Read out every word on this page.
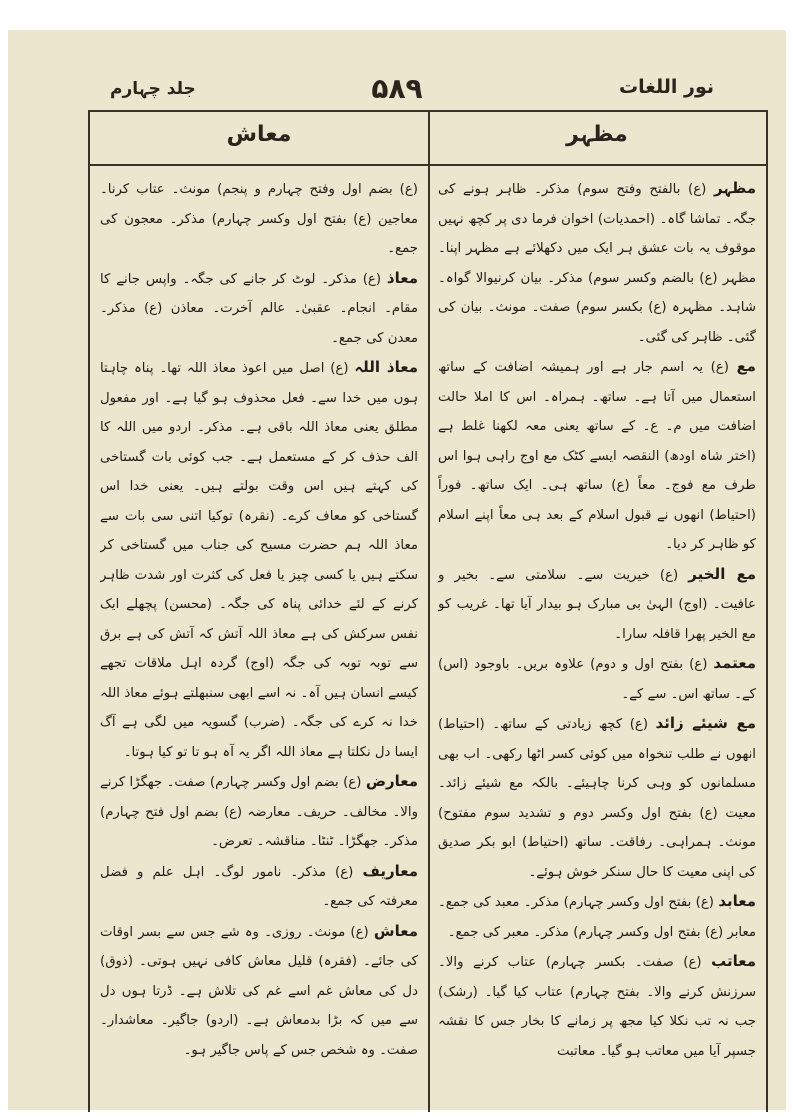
جلد چہارم	۵۸۹	نور اللغات
معاش	مظہر

(ع) بضم اول وفتح چہارم و پنجم) مونث۔ عتاب کرنا۔ معاجین (ع) بفتح اول وکسر چہارم) مذکر۔ معجون کی جمع۔

معاذ (ع) مذکر۔ لوٹ کر جانے کی جگہ۔ واپس جانے کا مقام۔ انجام۔ عقبیٰ۔ عالم آخرت۔ معاذن (ع) مذکر۔ معدن کی جمع۔

معاذ اللہ (ع) اصل میں اعوذ معاذ اللہ تھا۔ پناہ چاہتا ہوں میں خدا سے۔ فعل محذوف ہو گیا ہے۔ اور مفعول مطلق یعنی معاذ اللہ باقی ہے۔ مذکر۔ اردو میں اللہ کا الف حذف کر کے مستعمل ہے۔ جب کوئی بات گستاخی کی کہتے ہیں اس وقت بولتے ہیں۔ یعنی خدا اس گستاخی کو معاف کرے۔ (نقرہ) توکیا اتنی سی بات سے معاذ اللہ ہم حضرت مسیح کی جناب میں گستاخی کر سکتے ہیں یا کسی چیز یا فعل کی کثرت اور شدت ظاہر کرنے کے لئے خدائی پناہ کی جگہ۔ (محسن) پچھلے ایک نفس سرکش کی ہے معاذ اللہ آتش کہ آتش کی ہے برق سے توبہ توبہ کی جگہ (اوج) گردہ اہل ملاقات تجھے کیسے انسان ہیں آہ۔ نہ اسے ابھی سنبھلتے ہوئے معاذ اللہ خدا نہ کرے کی جگہ۔ (ضرب) گسویہ میں لگی ہے آگ ایسا دل نکلتا ہے معاذ اللہ اگر یہ آہ ہو تا تو کیا ہوتا۔

معارض (ع) بضم اول وکسر چہارم) صفت۔ جھگڑا کرنے والا۔ مخالف۔ حریف۔ معارضہ (ع) بضم اول فتح چہارم) مذکر۔ جھگڑا۔ ٹنٹا۔ مناقشہ۔ تعرض۔

معاریف (ع) مذکر۔ نامور لوگ۔ اہل علم و فضل معرفتہ کی جمع۔

معاش (ع) مونث۔ روزی۔ وہ شے جس سے بسر اوقات کی جائے۔ (فقرہ) قلیل معاش کافی نہیں ہوتی۔ (ذوق) دل کی معاش غم اسے غم کی تلاش ہے۔ ڈرتا ہوں دل سے میں کہ بڑا بدمعاش ہے۔ (اردو) جاگیر۔ معاشدار۔ صفت۔ وہ شخص جس کے پاس جاگیر ہو۔

مظہر (ع) بالفتح وفتح سوم) مذکر۔ ظاہر ہونے کی جگہ۔ تماشا گاہ۔ (احمدیات) اخوان فرما دی پر کچھ نہیں موقوف یہ بات عشق ہر ایک میں دکھلائے ہے مظہر اپنا۔ مظہر (ع) بالضم وکسر سوم) مذکر۔ بیان کرنیوالا گواہ۔ شاہد۔ مظہرہ (ع) بکسر سوم) صفت۔ مونث۔ بیان کی گئی۔ ظاہر کی گئی۔

مع (ع) یہ اسم جار ہے اور ہمیشہ اضافت کے ساتھ استعمال میں آتا ہے۔ ساتھ۔ ہمراہ۔ اس کا املا حالت اضافت میں م۔ ع۔ کے ساتھ یعنی معہ لکھنا غلط ہے (اختر شاہ اودھ) النقصہ ایسے کٹک مع اوج راہی ہوا اس طرف مع فوج۔ معاً (ع) ساتھ ہی۔ ایک ساتھ۔ فوراً (احتیاط) انھوں نے قبول اسلام کے بعد ہی معاً اپنے اسلام کو ظاہر کر دیا۔

مع الخیر (ع) خیریت سے۔ سلامتی سے۔ بخیر و عافیت۔ (اوج) الہیٰ بی مبارک ہو بیدار آیا تھا۔ غریب کو مع الخیر پھرا قافلہ سارا۔

معتمد (ع) بفتح اول و دوم) علاوہ بریں۔ باوجود (اس) کے۔ ساتھ اس۔ سے کے۔

مع شیئے زائد (ع) کچھ زیادتی کے ساتھ۔ (احتیاط) انھوں نے طلب تنخواہ میں کوئی کسر اٹھا رکھی۔ اب بھی مسلمانوں کو وہی کرنا چاہیئے۔ بالکہ مع شیئے زائد۔ معیت (ع) بفتح اول وکسر دوم و تشدید سوم مفتوح) مونث۔ ہمراہی۔ رفاقت۔ ساتھ (احتیاط) ابو بکر صدیق کی اپنی معیت کا حال سنکر خوش ہوئے۔

معابد (ع) بفتح اول وکسر چہارم) مذکر۔ معبد کی جمع۔ معابر (ع) بفتح اول وکسر چہارم) مذکر۔ معبر کی جمع۔

معاتب (ع) صفت۔ بکسر چہارم) عتاب کرنے والا۔ سرزنش کرنے والا۔ بفتح چہارم) عتاب کیا گیا۔ (رشک) جب نہ تب نکلا کیا مجھ پر زمانے کا بخار جس کا نقشہ جسپر آیا میں معاتب ہو گیا۔ معاتبت
